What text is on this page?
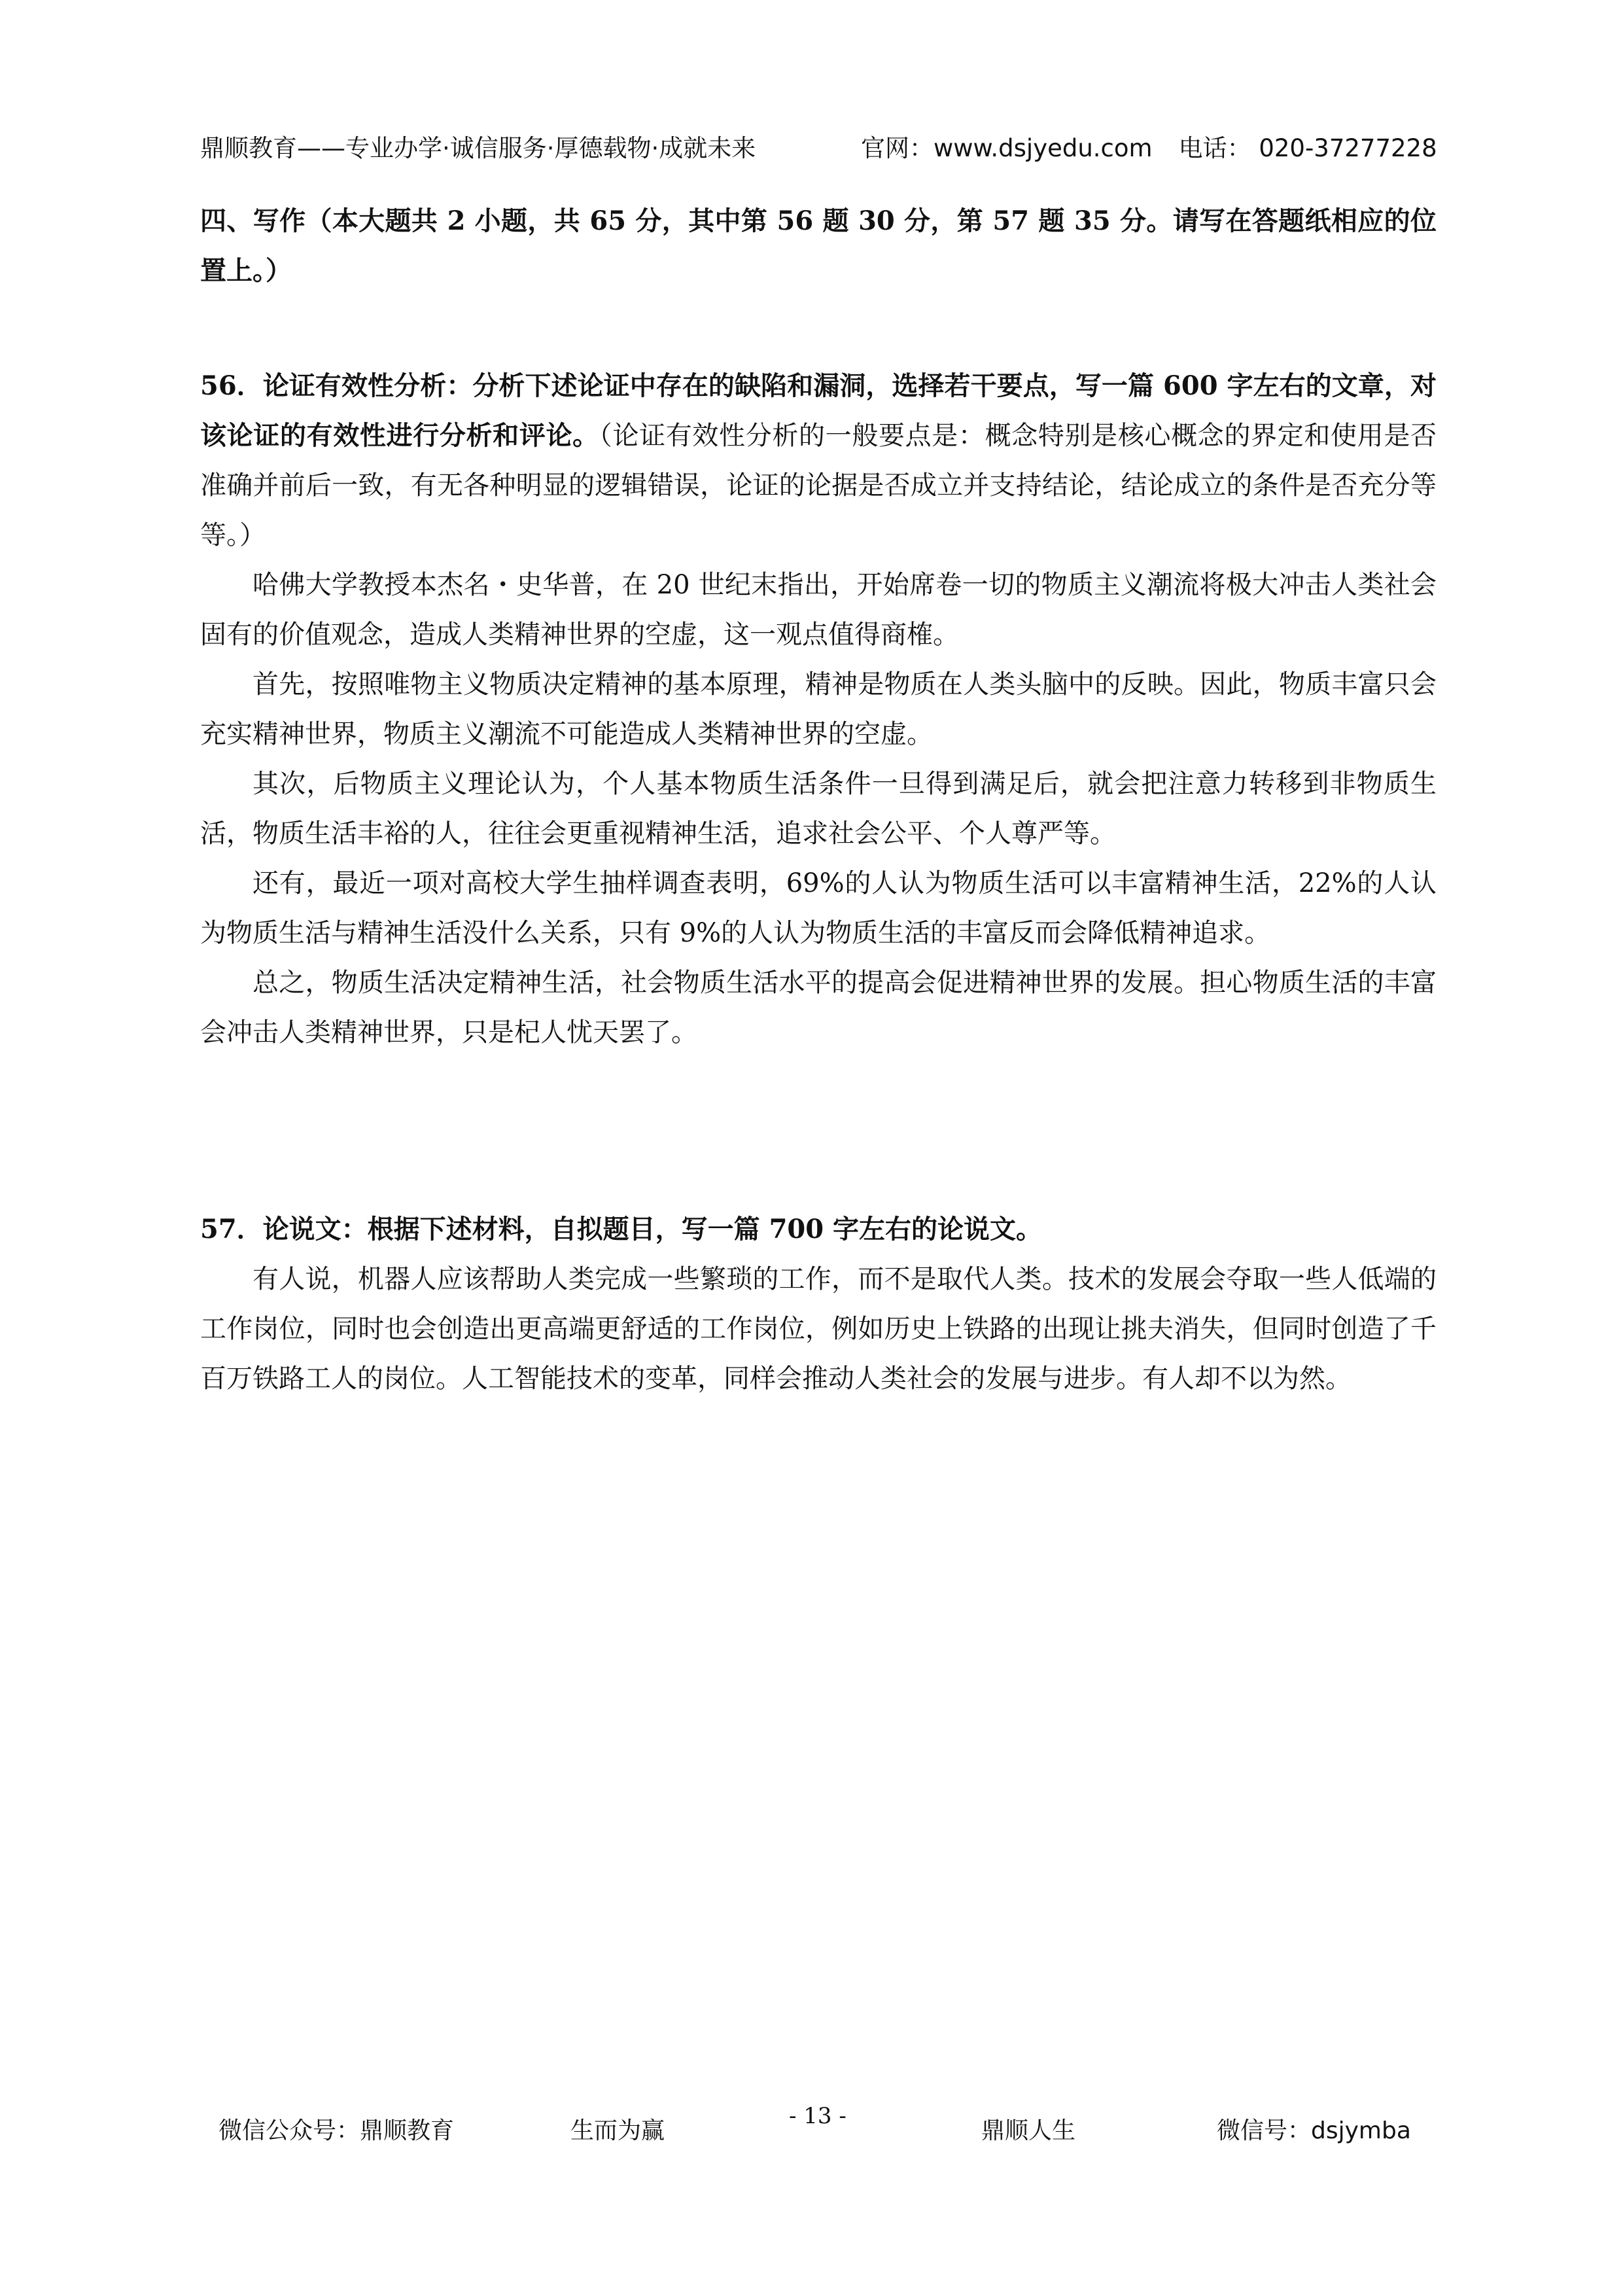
鼎顺教育——专业办学·诚信服务·厚德载物·成就未来	官网：www.dsjyedu.com 电话： 020-37277228

四、写作（本大题共 2 小题，共 65 分，其中第 56 题 30 分，第 57 题 35 分。请写在答题纸相应的位置上。）

56．论证有效性分析：分析下述论证中存在的缺陷和漏洞，选择若干要点，写一篇 600 字左右的文章，对该论证的有效性进行分析和评论。（论证有效性分析的一般要点是：概念特别是核心概念的界定和使用是否准确并前后一致，有无各种明显的逻辑错误，论证的论据是否成立并支持结论，结论成立的条件是否充分等等。）

哈佛大学教授本杰名・史华普，在 20 世纪末指出，开始席卷一切的物质主义潮流将极大冲击人类社会固有的价值观念，造成人类精神世界的空虚，这一观点值得商榷。

首先，按照唯物主义物质决定精神的基本原理，精神是物质在人类头脑中的反映。因此，物质丰富只会充实精神世界，物质主义潮流不可能造成人类精神世界的空虚。

其次，后物质主义理论认为，个人基本物质生活条件一旦得到满足后，就会把注意力转移到非物质生活，物质生活丰裕的人，往往会更重视精神生活，追求社会公平、个人尊严等。

还有，最近一项对高校大学生抽样调查表明，69%的人认为物质生活可以丰富精神生活，22%的人认为物质生活与精神生活没什么关系，只有 9%的人认为物质生活的丰富反而会降低精神追求。

总之，物质生活决定精神生活，社会物质生活水平的提高会促进精神世界的发展。担心物质生活的丰富会冲击人类精神世界，只是杞人忧天罢了。

57．论说文：根据下述材料，自拟题目，写一篇 700 字左右的论说文。

有人说，机器人应该帮助人类完成一些繁琐的工作，而不是取代人类。技术的发展会夺取一些人低端的工作岗位，同时也会创造出更高端更舒适的工作岗位，例如历史上铁路的出现让挑夫消失，但同时创造了千百万铁路工人的岗位。人工智能技术的变革，同样会推动人类社会的发展与进步。有人却不以为然。

微信公众号：鼎顺教育	生而为赢
- 13 -
鼎顺人生	微信号：dsjymba
